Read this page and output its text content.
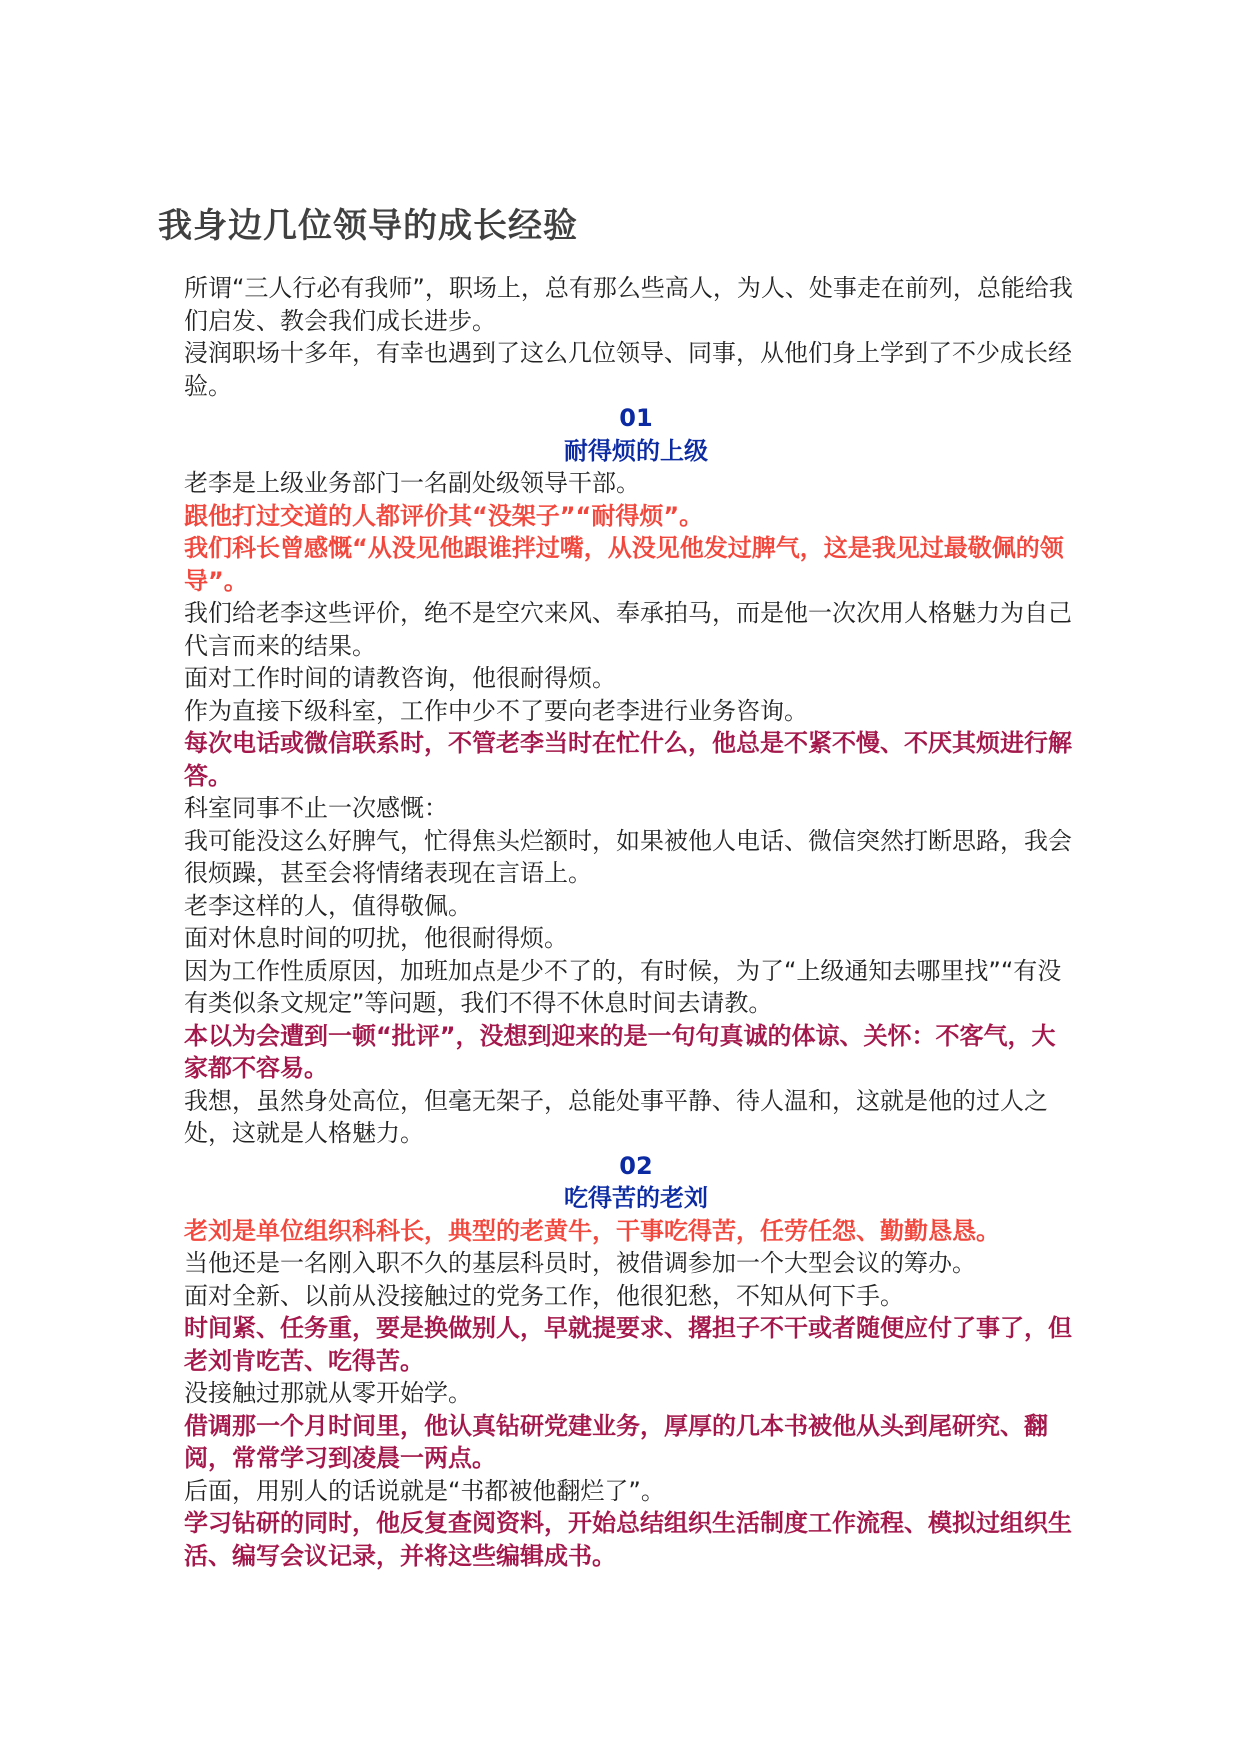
我身边几位领导的成长经验

所谓“三人行必有我师”，职场上，总有那么些高人，为人、处事走在前列，总能给我们启发、教会我们成长进步。

浸润职场十多年，有幸也遇到了这么几位领导、同事，从他们身上学到了不少成长经验。

01

耐得烦的上级

老李是上级业务部门一名副处级领导干部。

跟他打过交道的人都评价其“没架子”“耐得烦”。

我们科长曾感慨“从没见他跟谁拌过嘴，从没见他发过脾气，这是我见过最敬佩的领导”。

我们给老李这些评价，绝不是空穴来风、奉承拍马，而是他一次次用人格魅力为自己代言而来的结果。

面对工作时间的请教咨询，他很耐得烦。

作为直接下级科室，工作中少不了要向老李进行业务咨询。

每次电话或微信联系时，不管老李当时在忙什么，他总是不紧不慢、不厌其烦进行解答。

科室同事不止一次感慨：

我可能没这么好脾气，忙得焦头烂额时，如果被他人电话、微信突然打断思路，我会很烦躁，甚至会将情绪表现在言语上。

老李这样的人，值得敬佩。

面对休息时间的叨扰，他很耐得烦。

因为工作性质原因，加班加点是少不了的，有时候，为了“上级通知去哪里找”“有没有类似条文规定”等问题，我们不得不休息时间去请教。

本以为会遭到一顿“批评”，没想到迎来的是一句句真诚的体谅、关怀：不客气，大家都不容易。

我想，虽然身处高位，但毫无架子，总能处事平静、待人温和，这就是他的过人之处，这就是人格魅力。

02

吃得苦的老刘

老刘是单位组织科科长，典型的老黄牛，干事吃得苦，任劳任怨、勤勤恳恳。

当他还是一名刚入职不久的基层科员时，被借调参加一个大型会议的筹办。

面对全新、以前从没接触过的党务工作，他很犯愁，不知从何下手。

时间紧、任务重，要是换做别人，早就提要求、撂担子不干或者随便应付了事了，但老刘肯吃苦、吃得苦。

没接触过那就从零开始学。

借调那一个月时间里，他认真钻研党建业务，厚厚的几本书被他从头到尾研究、翻阅，常常学习到凌晨一两点。

后面，用别人的话说就是“书都被他翻烂了”。

学习钻研的同时，他反复查阅资料，开始总结组织生活制度工作流程、模拟过组织生活、编写会议记录，并将这些编辑成书。
